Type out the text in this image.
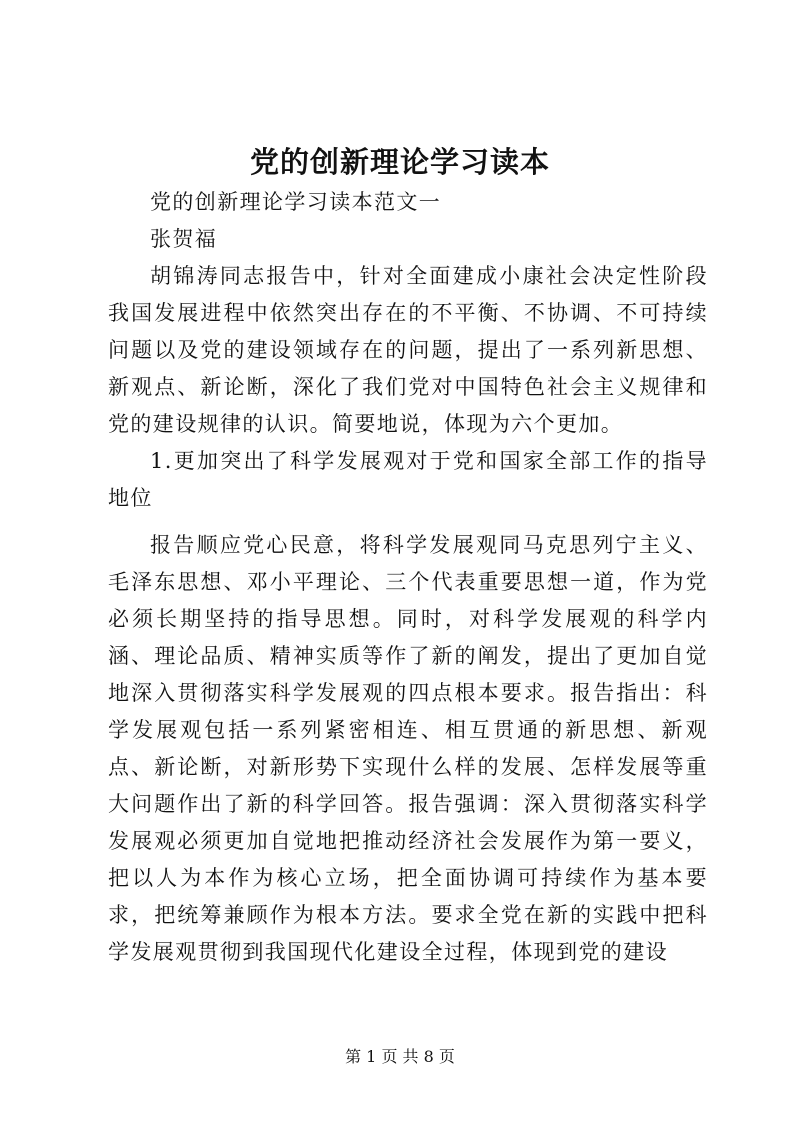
党的创新理论学习读本

党的创新理论学习读本范文一

张贺福

胡锦涛同志报告中，针对全面建成小康社会决定性阶段我国发展进程中依然突出存在的不平衡、不协调、不可持续问题以及党的建设领域存在的问题，提出了一系列新思想、新观点、新论断，深化了我们党对中国特色社会主义规律和党的建设规律的认识。简要地说，体现为六个更加。

1.更加突出了科学发展观对于党和国家全部工作的指导地位

报告顺应党心民意，将科学发展观同马克思列宁主义、毛泽东思想、邓小平理论、三个代表重要思想一道，作为党必须长期坚持的指导思想。同时，对科学发展观的科学内涵、理论品质、精神实质等作了新的阐发，提出了更加自觉地深入贯彻落实科学发展观的四点根本要求。报告指出：科学发展观包括一系列紧密相连、相互贯通的新思想、新观点、新论断，对新形势下实现什么样的发展、怎样发展等重大问题作出了新的科学回答。报告强调：深入贯彻落实科学发展观必须更加自觉地把推动经济社会发展作为第一要义，把以人为本作为核心立场，把全面协调可持续作为基本要求，把统筹兼顾作为根本方法。要求全党在新的实践中把科学发展观贯彻到我国现代化建设全过程，体现到党的建设

第 1 页 共 8 页
